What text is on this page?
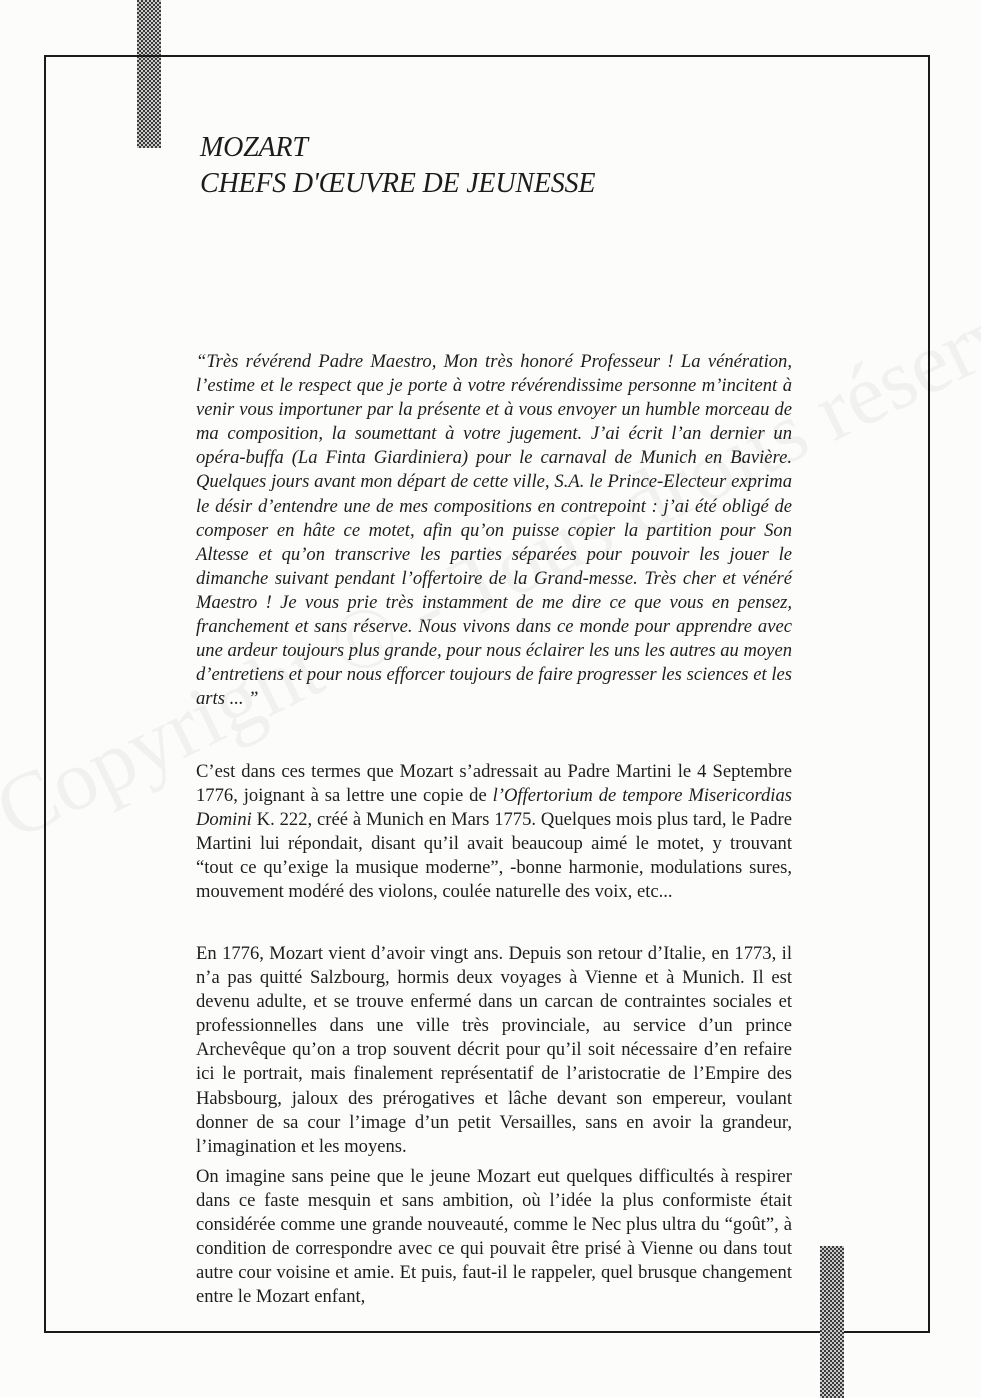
MOZART
CHEFS D'ŒUVRE DE JEUNESSE

“Très révérend Padre Maestro, Mon très honoré Professeur ! La vénération, l’estime et le respect que je porte à votre révérendissime personne m’incitent à venir vous importuner par la présente et à vous envoyer un humble morceau de ma composition, la soumettant à votre jugement. J’ai écrit l’an dernier un opéra-buffa (La Finta Giardiniera) pour le carnaval de Munich en Bavière. Quelques jours avant mon départ de cette ville, S.A. le Prince-Electeur exprima le désir d’entendre une de mes compositions en contrepoint : j’ai été obligé de composer en hâte ce motet, afin qu’on puisse copier la partition pour Son Altesse et qu’on transcrive les parties séparées pour pouvoir les jouer le dimanche suivant pendant l’offertoire de la Grand-messe. Très cher et vénéré Maestro ! Je vous prie très instamment de me dire ce que vous en pensez, franchement et sans réserve. Nous vivons dans ce monde pour apprendre avec une ardeur toujours plus grande, pour nous éclairer les uns les autres au moyen d’entretiens et pour nous efforcer toujours de faire progresser les sciences et les arts ... ”

C’est dans ces termes que Mozart s’adressait au Padre Martini le 4 Septembre 1776, joignant à sa lettre une copie de l’Offertorium de tempore Misericordias Domini K. 222, créé à Munich en Mars 1775. Quelques mois plus tard, le Padre Martini lui répondait, disant qu’il avait beaucoup aimé le motet, y trouvant “tout ce qu’exige la musique moderne”, -bonne harmonie, modulations sures, mouvement modéré des violons, coulée naturelle des voix, etc...

En 1776, Mozart vient d’avoir vingt ans. Depuis son retour d’Italie, en 1773, il n’a pas quitté Salzbourg, hormis deux voyages à Vienne et à Munich. Il est devenu adulte, et se trouve enfermé dans un carcan de contraintes sociales et professionnelles dans une ville très provinciale, au service d’un prince Archevêque qu’on a trop souvent décrit pour qu’il soit nécessaire d’en refaire ici le portrait, mais finalement représentatif de l’aristocratie de l’Empire des Habsbourg, jaloux des prérogatives et lâche devant son empereur, voulant donner de sa cour l’image d’un petit Versailles, sans en avoir la grandeur, l’imagination et les moyens.

On imagine sans peine que le jeune Mozart eut quelques difficultés à respirer dans ce faste mesquin et sans ambition, où l’idée la plus conformiste était considérée comme une grande nouveauté, comme le Nec plus ultra du “goût”, à condition de correspondre avec ce qui pouvait être prisé à Vienne ou dans tout autre cour voisine et amie. Et puis, faut-il le rappeler, quel brusque changement entre le Mozart enfant,
